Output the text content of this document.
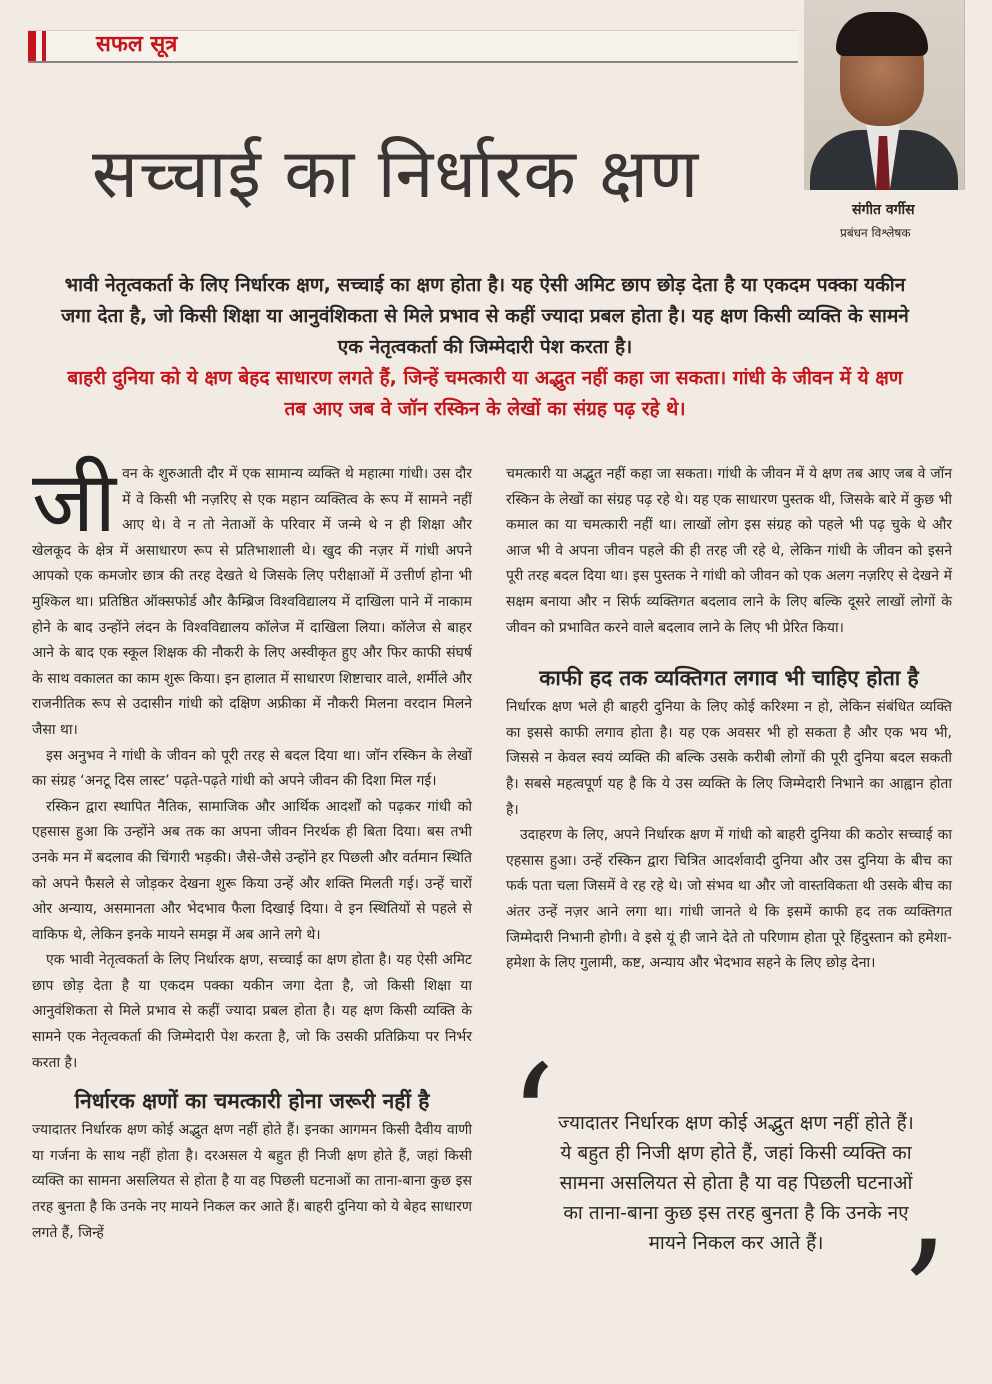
सफल सूत्र
सच्चाई का निर्धारक क्षण	संगीत वर्गीस
प्रबंधन विश्लेषक

भावी नेतृत्वकर्ता के लिए निर्धारक क्षण, सच्चाई का क्षण होता है। यह ऐसी अमिट छाप छोड़ देता है या एकदम पक्का यकीन जगा देता है, जो किसी शिक्षा या आनुवंशिकता से मिले प्रभाव से कहीं ज्यादा प्रबल होता है। यह क्षण किसी व्यक्ति के सामने एक नेतृत्वकर्ता की जिम्मेदारी पेश करता है।

बाहरी दुनिया को ये क्षण बेहद साधारण लगते हैं, जिन्हें चमत्कारी या अद्भुत नहीं कहा जा सकता। गांधी के जीवन में ये क्षण तब आए जब वे जॉन रस्किन के लेखों का संग्रह पढ़ रहे थे।

जीवन के शुरुआती दौर में एक सामान्य व्यक्ति थे महात्मा गांधी। उस दौर में वे किसी भी नज़रिए से एक महान व्यक्तित्व के रूप में सामने नहीं आए थे। वे न तो नेताओं के परिवार में जन्मे थे न ही शिक्षा और खेलकूद के क्षेत्र में असाधारण रूप से प्रतिभाशाली थे। खुद की नज़र में गांधी अपने आपको एक कमजोर छात्र की तरह देखते थे जिसके लिए परीक्षाओं में उत्तीर्ण होना भी मुश्किल था। प्रतिष्ठित ऑक्सफोर्ड और कैम्ब्रिज विश्वविद्यालय में दाखिला पाने में नाकाम होने के बाद उन्होंने लंदन के विश्वविद्यालय कॉलेज में दाखिला लिया। कॉलेज से बाहर आने के बाद एक स्कूल शिक्षक की नौकरी के लिए अस्वीकृत हुए और फिर काफी संघर्ष के साथ वकालत का काम शुरू किया। इन हालात में साधारण शिष्टाचार वाले, शर्मीले और राजनीतिक रूप से उदासीन गांधी को दक्षिण अफ्रीका में नौकरी मिलना वरदान मिलने जैसा था।

इस अनुभव ने गांधी के जीवन को पूरी तरह से बदल दिया था। जॉन रस्किन के लेखों का संग्रह ‘अनटू दिस लास्ट’ पढ़ते-पढ़ते गांधी को अपने जीवन की दिशा मिल गई।

रस्किन द्वारा स्थापित नैतिक, सामाजिक और आर्थिक आदर्शों को पढ़कर गांधी को एहसास हुआ कि उन्होंने अब तक का अपना जीवन निरर्थक ही बिता दिया। बस तभी उनके मन में बदलाव की चिंगारी भड़की। जैसे-जैसे उन्होंने हर पिछली और वर्तमान स्थिति को अपने फैसले से जोड़कर देखना शुरू किया उन्हें और शक्ति मिलती गई। उन्हें चारों ओर अन्याय, असमानता और भेदभाव फैला दिखाई दिया। वे इन स्थितियों से पहले से वाकिफ थे, लेकिन इनके मायने समझ में अब आने लगे थे।

एक भावी नेतृत्वकर्ता के लिए निर्धारक क्षण, सच्चाई का क्षण होता है। यह ऐसी अमिट छाप छोड़ देता है या एकदम पक्का यकीन जगा देता है, जो किसी शिक्षा या आनुवंशिकता से मिले प्रभाव से कहीं ज्यादा प्रबल होता है। यह क्षण किसी व्यक्ति के सामने एक नेतृत्वकर्ता की जिम्मेदारी पेश करता है, जो कि उसकी प्रतिक्रिया पर निर्भर करता है।

निर्धारक क्षणों का चमत्कारी होना जरूरी नहीं है

ज्यादातर निर्धारक क्षण कोई अद्भुत क्षण नहीं होते हैं। इनका आगमन किसी दैवीय वाणी या गर्जना के साथ नहीं होता है। दरअसल ये बहुत ही निजी क्षण होते हैं, जहां किसी व्यक्ति का सामना असलियत से होता है या वह पिछली घटनाओं का ताना-बाना कुछ इस तरह बुनता है कि उनके नए मायने निकल कर आते हैं। बाहरी दुनिया को ये बेहद साधारण लगते हैं, जिन्हें

चमत्कारी या अद्भुत नहीं कहा जा सकता। गांधी के जीवन में ये क्षण तब आए जब वे जॉन रस्किन के लेखों का संग्रह पढ़ रहे थे। यह एक साधारण पुस्तक थी, जिसके बारे में कुछ भी कमाल का या चमत्कारी नहीं था। लाखों लोग इस संग्रह को पहले भी पढ़ चुके थे और आज भी वे अपना जीवन पहले की ही तरह जी रहे थे, लेकिन गांधी के जीवन को इसने पूरी तरह बदल दिया था। इस पुस्तक ने गांधी को जीवन को एक अलग नज़रिए से देखने में सक्षम बनाया और न सिर्फ व्यक्तिगत बदलाव लाने के लिए बल्कि दूसरे लाखों लोगों के जीवन को प्रभावित करने वाले बदलाव लाने के लिए भी प्रेरित किया।

काफी हद तक व्यक्तिगत लगाव भी चाहिए होता है

निर्धारक क्षण भले ही बाहरी दुनिया के लिए कोई करिश्मा न हो, लेकिन संबंधित व्यक्ति का इससे काफी लगाव होता है। यह एक अवसर भी हो सकता है और एक भय भी, जिससे न केवल स्वयं व्यक्ति की बल्कि उसके करीबी लोगों की पूरी दुनिया बदल सकती है। सबसे महत्वपूर्ण यह है कि ये उस व्यक्ति के लिए जिम्मेदारी निभाने का आह्वान होता है।

उदाहरण के लिए, अपने निर्धारक क्षण में गांधी को बाहरी दुनिया की कठोर सच्चाई का एहसास हुआ। उन्हें रस्किन द्वारा चित्रित आदर्शवादी दुनिया और उस दुनिया के बीच का फर्क पता चला जिसमें वे रह रहे थे। जो संभव था और जो वास्तविकता थी उसके बीच का अंतर उन्हें नज़र आने लगा था। गांधी जानते थे कि इसमें काफी हद तक व्यक्तिगत जिम्मेदारी निभानी होगी। वे इसे यूं ही जाने देते तो परिणाम होता पूरे हिंदुस्तान को हमेशा-हमेशा के लिए गुलामी, कष्ट, अन्याय और भेदभाव सहने के लिए छोड़ देना।

‘ ज्यादातर निर्धारक क्षण कोई अद्भुत क्षण नहीं होते हैं। ये बहुत ही निजी क्षण होते हैं, जहां किसी व्यक्ति का सामना असलियत से होता है या वह पिछली घटनाओं का ताना-बाना कुछ इस तरह बुनता है कि उनके नए मायने निकल कर आते हैं। ’
